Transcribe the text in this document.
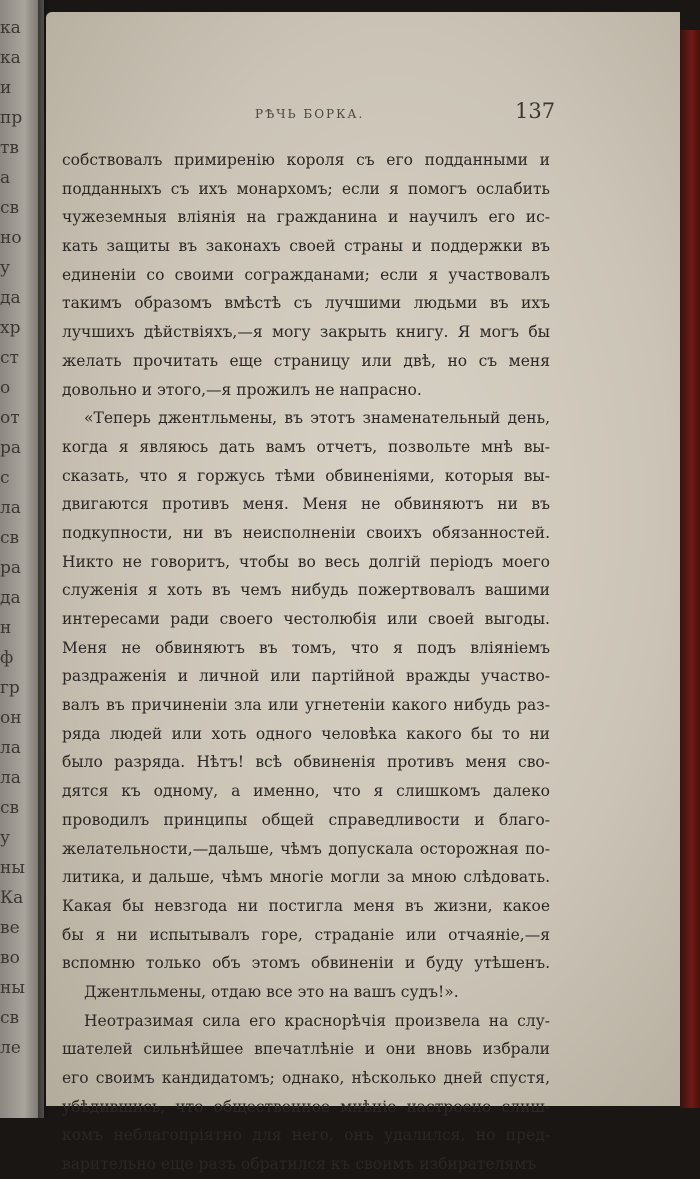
ка
ка
и
пр
тв
а
св
но
у
да
хр
ст
о
от
ра
с
ла
св
ра
да
н
ф
гр
он
ла
ла
св
у
ны
Ка
ве
во
ны
св
ле
РѢЧЬ БОРКА.	137
собствовалъ примиренію короля съ его подданными и
подданныхъ съ ихъ монархомъ; если я помогъ ослабить
чужеземныя вліянія на гражданина и научилъ его ис-
кать защиты въ законахъ своей страны и поддержки въ
единеніи со своими согражданами; если я участвовалъ
такимъ образомъ вмѣстѣ съ лучшими людьми въ ихъ
лучшихъ дѣйствіяхъ,—я могу закрыть книгу. Я могъ бы
желать прочитать еще страницу или двѣ, но съ меня
довольно и этого,—я прожилъ не напрасно.
«Теперь джентльмены, въ этотъ знаменательный день,
когда я являюсь дать вамъ отчетъ, позвольте мнѣ вы-
сказать, что я горжусь тѣми обвиненіями, которыя вы-
двигаются противъ меня. Меня не обвиняютъ ни въ
подкупности, ни въ неисполненіи своихъ обязанностей.
Никто не говоритъ, чтобы во весь долгій періодъ моего
служенія я хоть въ чемъ нибудь пожертвовалъ вашими
интересами ради своего честолюбія или своей выгоды.
Меня не обвиняютъ въ томъ, что я подъ вліяніемъ
раздраженія и личной или партійной вражды участво-
валъ въ причиненіи зла или угнетеніи какого нибудь раз-
ряда людей или хоть одного человѣка какого бы то ни
было разряда. Нѣтъ! всѣ обвиненія противъ меня сво-
дятся къ одному, а именно, что я слишкомъ далеко
проводилъ принципы общей справедливости и благо-
желательности,—дальше, чѣмъ допускала осторожная по-
литика, и дальше, чѣмъ многіе могли за мною слѣдовать.
Какая бы невзгода ни постигла меня въ жизни, какое
бы я ни испытывалъ горе, страданіе или отчаяніе,—я
вспомню только объ этомъ обвиненіи и буду утѣшенъ.
Джентльмены, отдаю все это на вашъ судъ!».
Неотразимая сила его краснорѣчія произвела на слу-
шателей сильнѣйшее впечатлѣніе и они вновь избрали
его своимъ кандидатомъ; однако, нѣсколько дней спустя,
убѣдившись, что общественное мнѣніе настроено слиш-
комъ неблагопріятно для него, онъ удалился, но пред-
варительно еще разъ обратился къ своимъ избирателямъ
